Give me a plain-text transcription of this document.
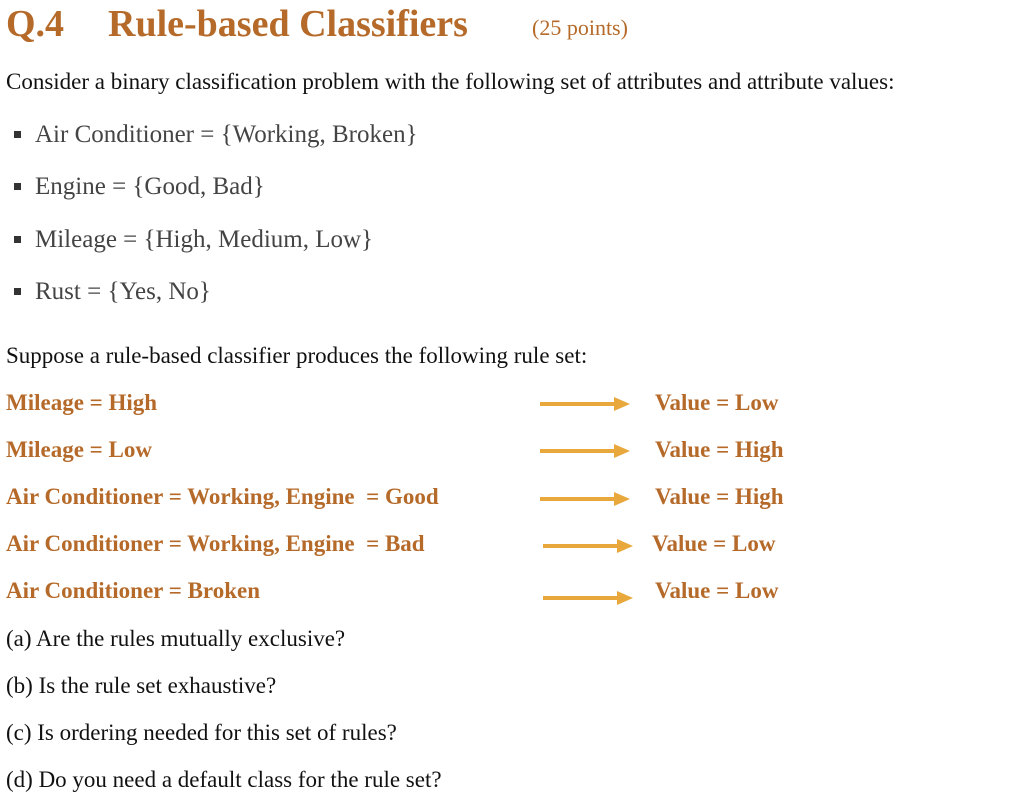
Q.4 Rule-based Classifiers	(25 points)
Consider a binary classification problem with the following set of attributes and attribute values:
Air Conditioner = {Working, Broken}
Engine = {Good, Bad}
Mileage = {High, Medium, Low}
Rust = {Yes, No}
Suppose a rule-based classifier produces the following rule set:
Mileage = High	Value = Low
Mileage = Low	Value = High
Air Conditioner = Working, Engine  = Good	Value = High
Air Conditioner = Working, Engine  = Bad	Value = Low
Air Conditioner = Broken	Value = Low
(a) Are the rules mutually exclusive?
(b) Is the rule set exhaustive?
(c) Is ordering needed for this set of rules?
(d) Do you need a default class for the rule set?
